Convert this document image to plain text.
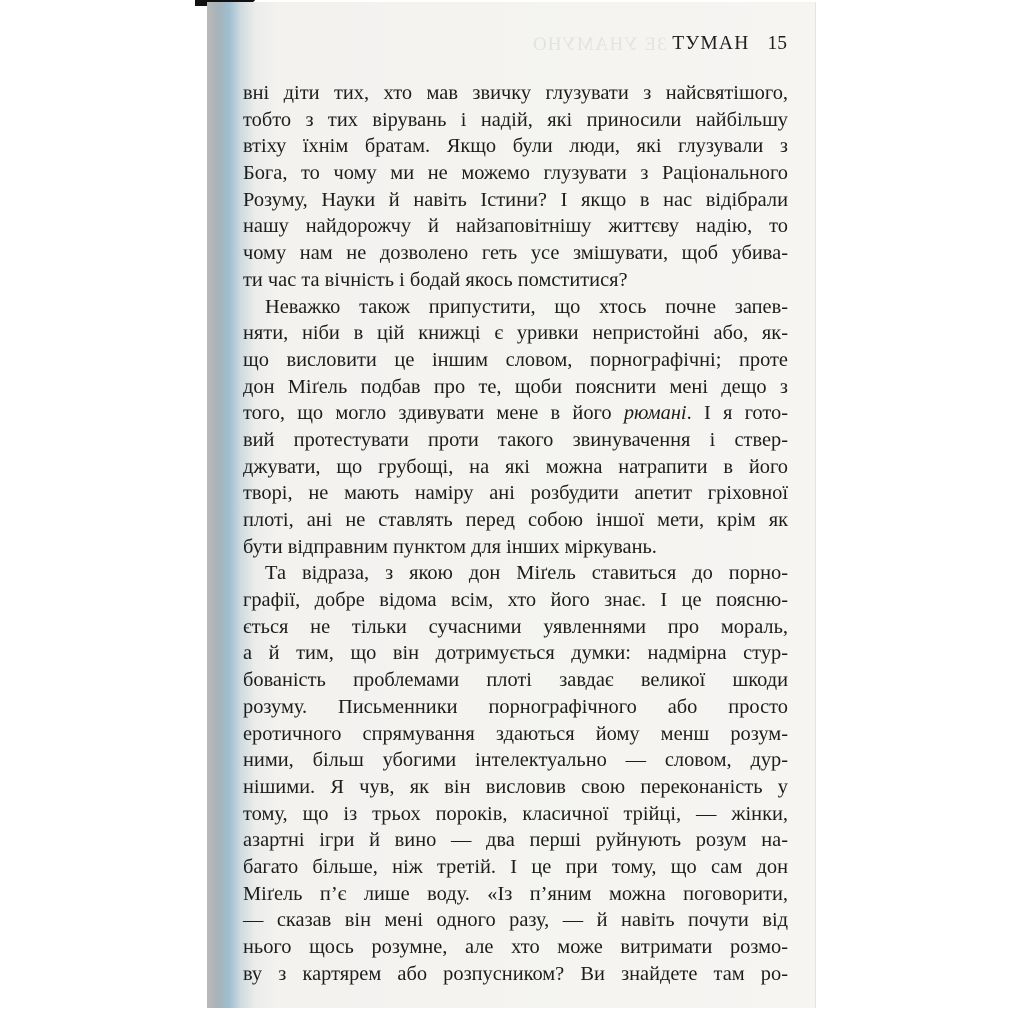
ЗЕ УНАМУНО ТУМАН 15
вні діти тих, хто мав звичку глузувати з найсвятішого,
тобто з тих вірувань і надій, які приносили найбільшу
втіху їхнім братам. Якщо були люди, які глузували з
Бога, то чому ми не можемо глузувати з Раціонального
Розуму, Науки й навіть Істини? І якщо в нас відібрали
нашу найдорожчу й найзаповітнішу життєву надію, то
чому нам не дозволено геть усе змішувати, щоб убива-
ти час та вічність і бодай якось помститися?
Неважко також припустити, що хтось почне запев-
няти, ніби в цій книжці є уривки непристойні або, як-
що висловити це іншим словом, порнографічні; проте
дон Міґель подбав про те, щоби пояснити мені дещо з
того, що могло здивувати мене в його рюмані. І я гото-
вий протестувати проти такого звинувачення і ствер-
джувати, що грубощі, на які можна натрапити в його
творі, не мають наміру ані розбудити апетит гріховної
плоті, ані не ставлять перед собою іншої мети, крім як
бути відправним пунктом для інших міркувань.
Та відраза, з якою дон Міґель ставиться до порно-
графії, добре відома всім, хто його знає. І це поясню-
ється не тільки сучасними уявленнями про мораль,
а й тим, що він дотримується думки: надмірна стур-
бованість проблемами плоті завдає великої шкоди
розуму. Письменники порнографічного або просто
еротичного спрямування здаються йому менш розум-
ними, більш убогими інтелектуально — словом, дур-
нішими. Я чув, як він висловив свою переконаність у
тому, що із трьох пороків, класичної трійці, — жінки,
азартні ігри й вино — два перші руйнують розум на-
багато більше, ніж третій. І це при тому, що сам дон
Міґель п’є лише воду. «Із п’яним можна поговорити,
— сказав він мені одного разу, — й навіть почути від
нього щось розумне, але хто може витримати розмо-
ву з картярем або розпусником? Ви знайдете там ро-
